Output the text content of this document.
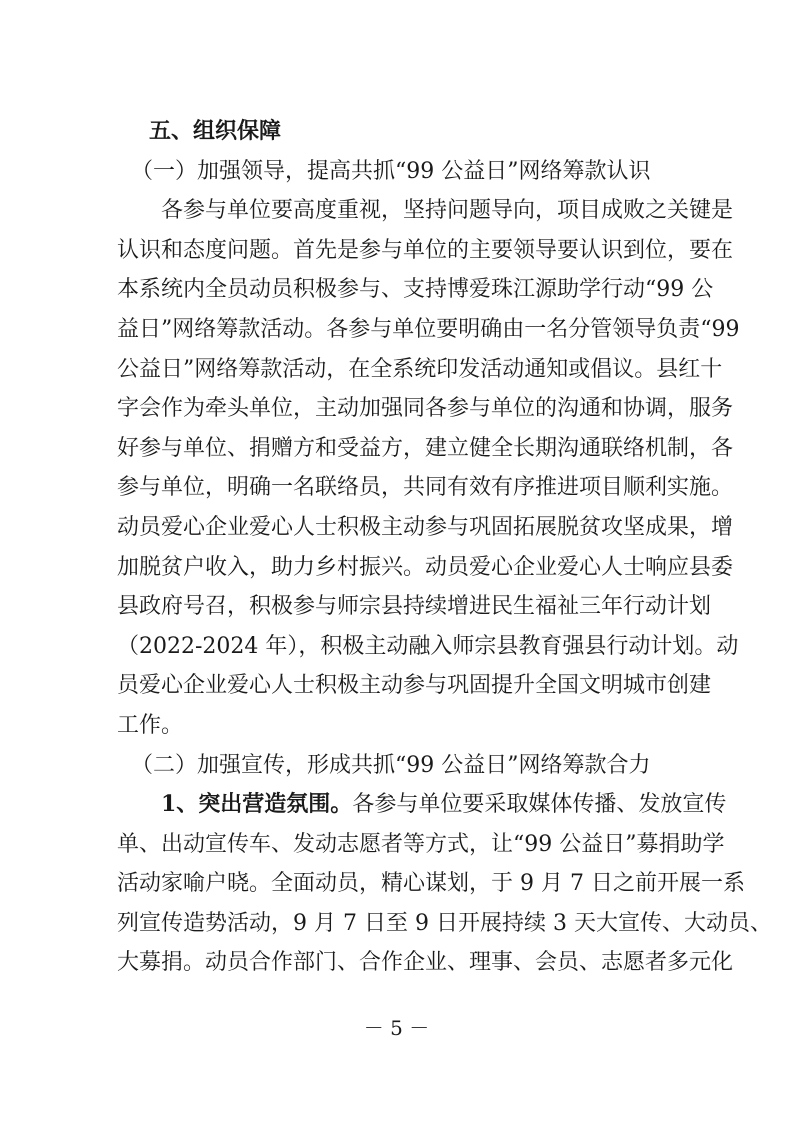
五、组织保障
（一）加强领导，提高共抓“99 公益日”网络筹款认识
各参与单位要高度重视，坚持问题导向，项目成败之关键是
认识和态度问题。首先是参与单位的主要领导要认识到位，要在
本系统内全员动员积极参与、支持博爱珠江源助学行动“99 公
益日”网络筹款活动。各参与单位要明确由一名分管领导负责“99
公益日”网络筹款活动，在全系统印发活动通知或倡议。县红十
字会作为牵头单位，主动加强同各参与单位的沟通和协调，服务
好参与单位、捐赠方和受益方，建立健全长期沟通联络机制，各
参与单位，明确一名联络员，共同有效有序推进项目顺利实施。
动员爱心企业爱心人士积极主动参与巩固拓展脱贫攻坚成果，增
加脱贫户收入，助力乡村振兴。动员爱心企业爱心人士响应县委
县政府号召，积极参与师宗县持续增进民生福祉三年行动计划
（2022-2024 年），积极主动融入师宗县教育强县行动计划。动
员爱心企业爱心人士积极主动参与巩固提升全国文明城市创建
工作。
（二）加强宣传，形成共抓“99 公益日”网络筹款合力
1、突出营造氛围。各参与单位要采取媒体传播、发放宣传
单、出动宣传车、发动志愿者等方式，让“99 公益日”募捐助学
活动家喻户晓。全面动员，精心谋划，于 9 月 7 日之前开展一系
列宣传造势活动，9 月 7 日至 9 日开展持续 3 天大宣传、大动员、
大募捐。动员合作部门、合作企业、理事、会员、志愿者多元化
－ 5 －
